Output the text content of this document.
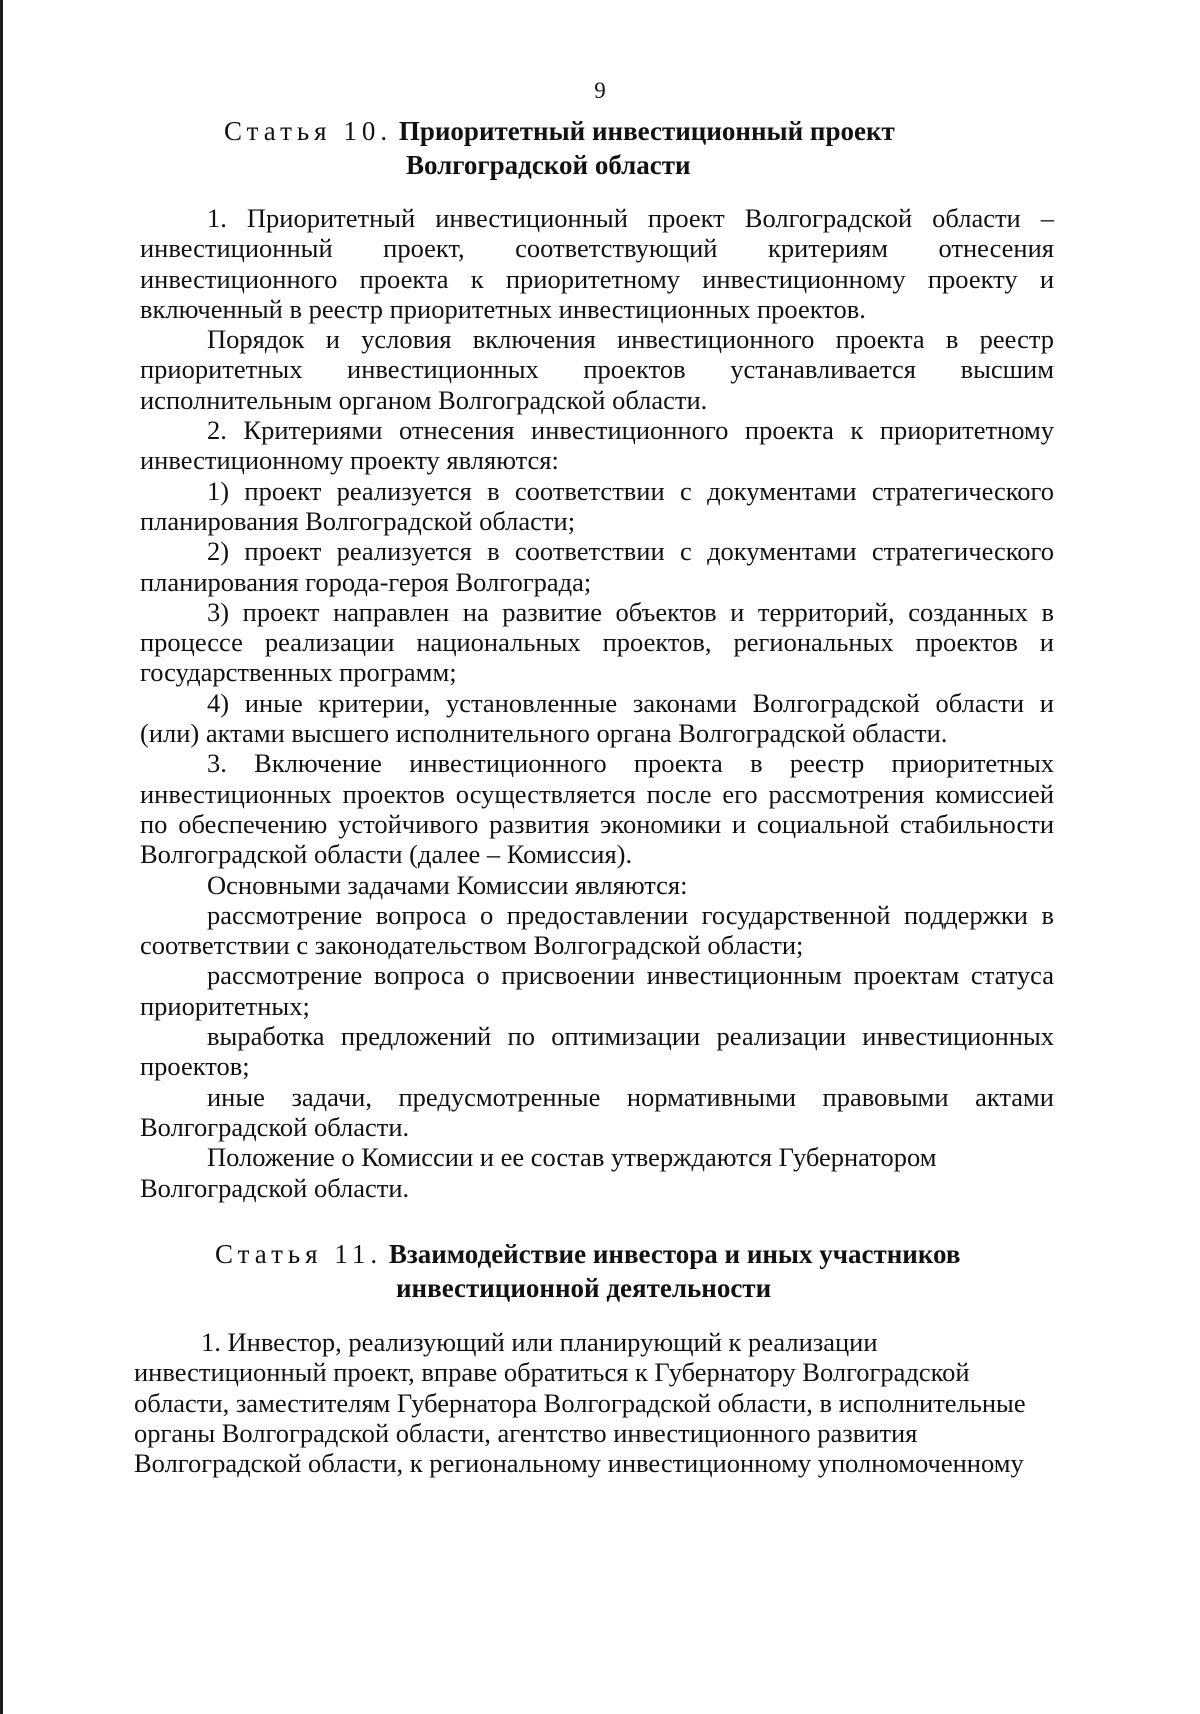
9
Статья 10. Приоритетный инвестиционный проект
Волгоградской области

1. Приоритетный инвестиционный проект Волгоградской области – инвестиционный проект, соответствующий критериям отнесения инвестиционного проекта к приоритетному инвестиционному проекту и включенный в реестр приоритетных инвестиционных проектов.

Порядок и условия включения инвестиционного проекта в реестр приоритетных инвестиционных проектов устанавливается высшим исполнительным органом Волгоградской области.

2. Критериями отнесения инвестиционного проекта к приоритетному инвестиционному проекту являются:

1) проект реализуется в соответствии с документами стратегического планирования Волгоградской области;

2) проект реализуется в соответствии с документами стратегического планирования города-героя Волгограда;

3) проект направлен на развитие объектов и территорий, созданных в процессе реализации национальных проектов, региональных проектов и государственных программ;

4) иные критерии, установленные законами Волгоградской области и (или) актами высшего исполнительного органа Волгоградской области.

3. Включение инвестиционного проекта в реестр приоритетных инвестиционных проектов осуществляется после его рассмотрения комиссией по обеспечению устойчивого развития экономики и социальной стабильности Волгоградской области (далее – Комиссия).

Основными задачами Комиссии являются:

рассмотрение вопроса о предоставлении государственной поддержки в соответствии с законодательством Волгоградской области;

рассмотрение вопроса о присвоении инвестиционным проектам статуса приоритетных;

выработка предложений по оптимизации реализации инвестиционных проектов;

иные задачи, предусмотренные нормативными правовыми актами Волгоградской области.

Положение о Комиссии и ее состав утверждаются Губернатором Волгоградской области.

Статья 11. Взаимодействие инвестора и иных участников
инвестиционной деятельности

1. Инвестор, реализующий или планирующий к реализации инвестиционный проект, вправе обратиться к Губернатору Волгоградской области, заместителям Губернатора Волгоградской области, в исполнительные органы Волгоградской области, агентство инвестиционного развития Волгоградской области, к региональному инвестиционному уполномоченному
